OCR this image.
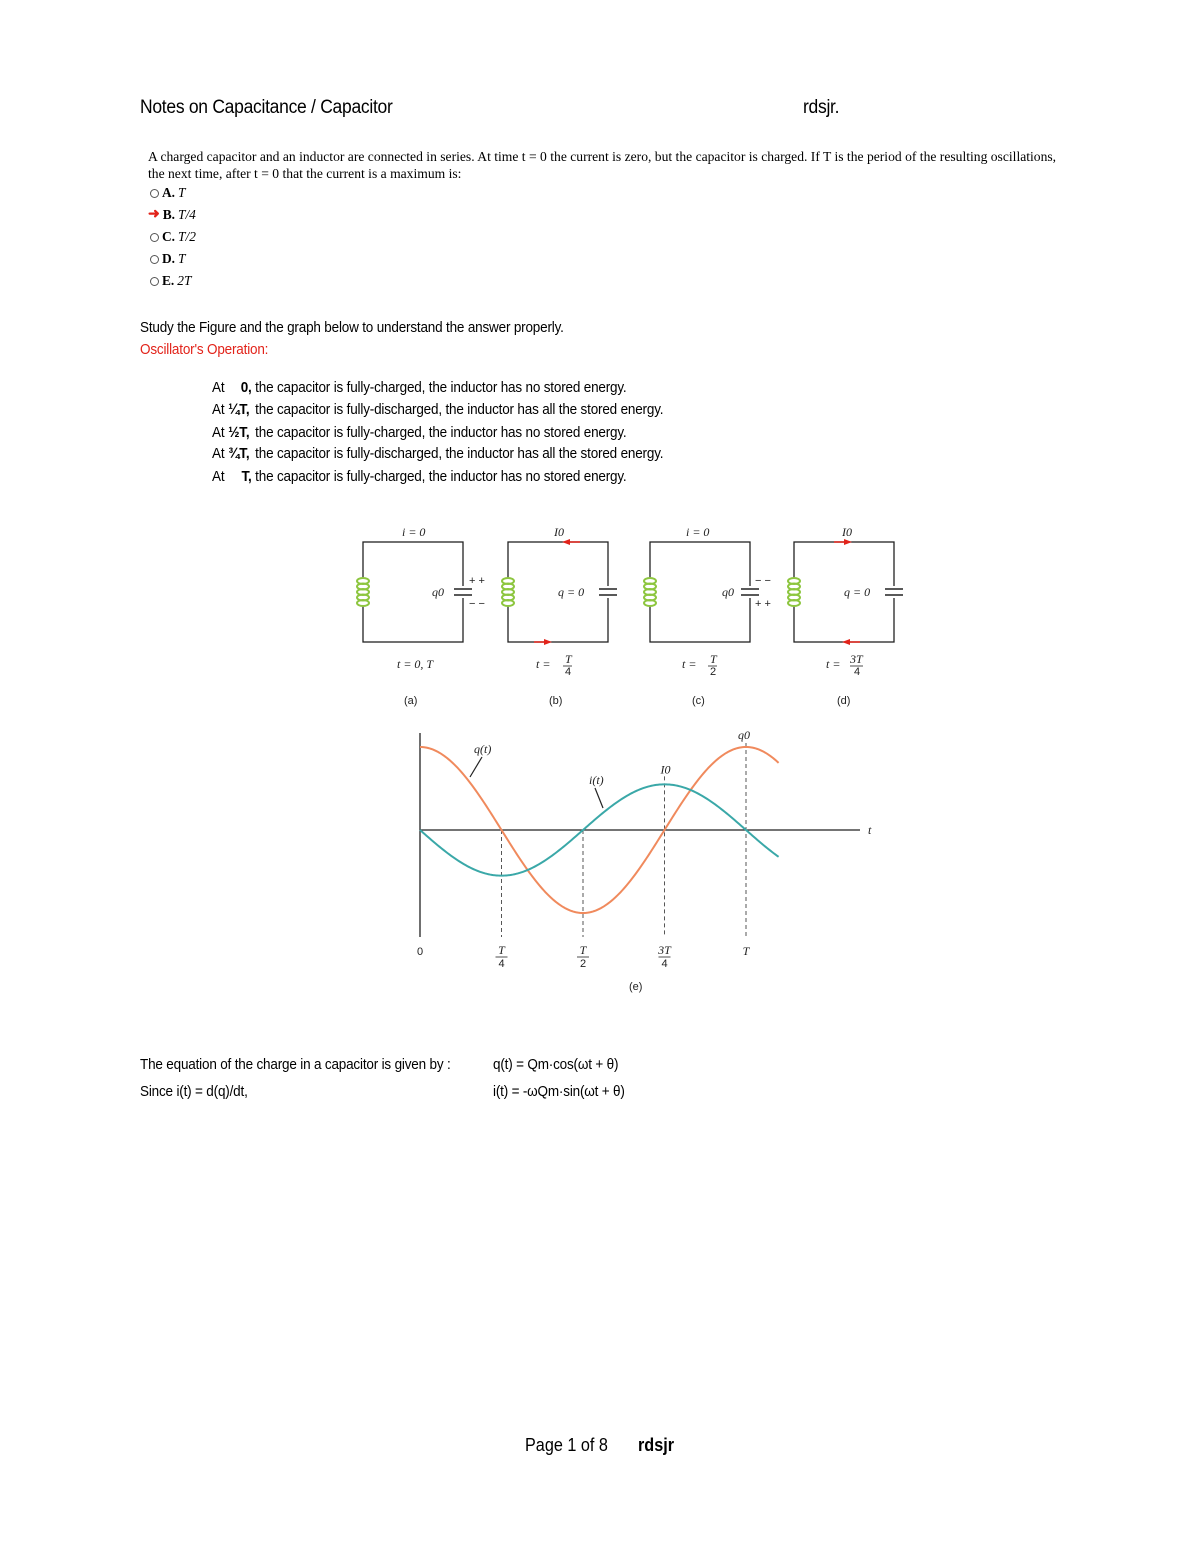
Notes on Capacitance / Capacitor	rdsjr.
A charged capacitor and an inductor are connected in series. At time t = 0 the current is zero, but the capacitor is charged. If T is the period of the resulting oscillations, the next time, after t = 0 that the current is a maximum is:
A. T
➜ B. T/4
C. T/2
D. T
E. 2T
Study the Figure and the graph below to understand the answer properly.
Oscillator's Operation:
At 0, the capacitor is fully-charged, the inductor has no stored energy.
At ¼T, the capacitor is fully-discharged, the inductor has all the stored energy.
At ½T, the capacitor is fully-charged, the inductor has no stored energy.
At ¾T, the capacitor is fully-discharged, the inductor has all the stored energy.
At T, the capacitor is fully-charged, the inductor has no stored energy.
+ +
− −
i = 0
q0
t = 0, T
(a)
I0
q = 0
t = T
4
(b)
− −
+ +
i = 0
q0
t = T
2
(c)
I0
q = 0
t = 3T
4
(d)
t
q(t)
i(t)
q0
I0
0	T
4
T
2
3T
4
T
(e)
The equation of the charge in a capacitor is given by :	q(t) = Qm·cos(ωt + θ)
Since i(t) = d(q)/dt,	i(t) = -ωQm·sin(ωt + θ)
Page 1 of 8 rdsjr
